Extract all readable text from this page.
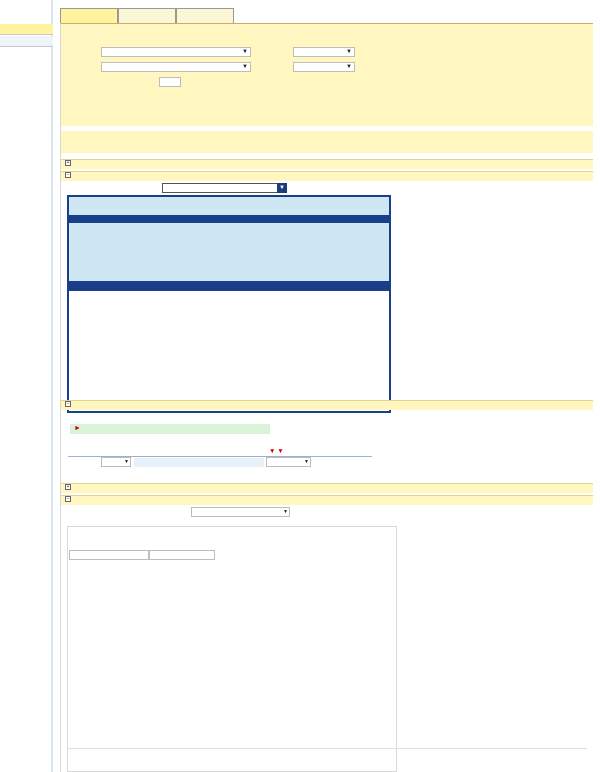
▼
▼
▼
▼
+
−
▼
−
►
▼ ▼
▼	▼
+
−
▼
